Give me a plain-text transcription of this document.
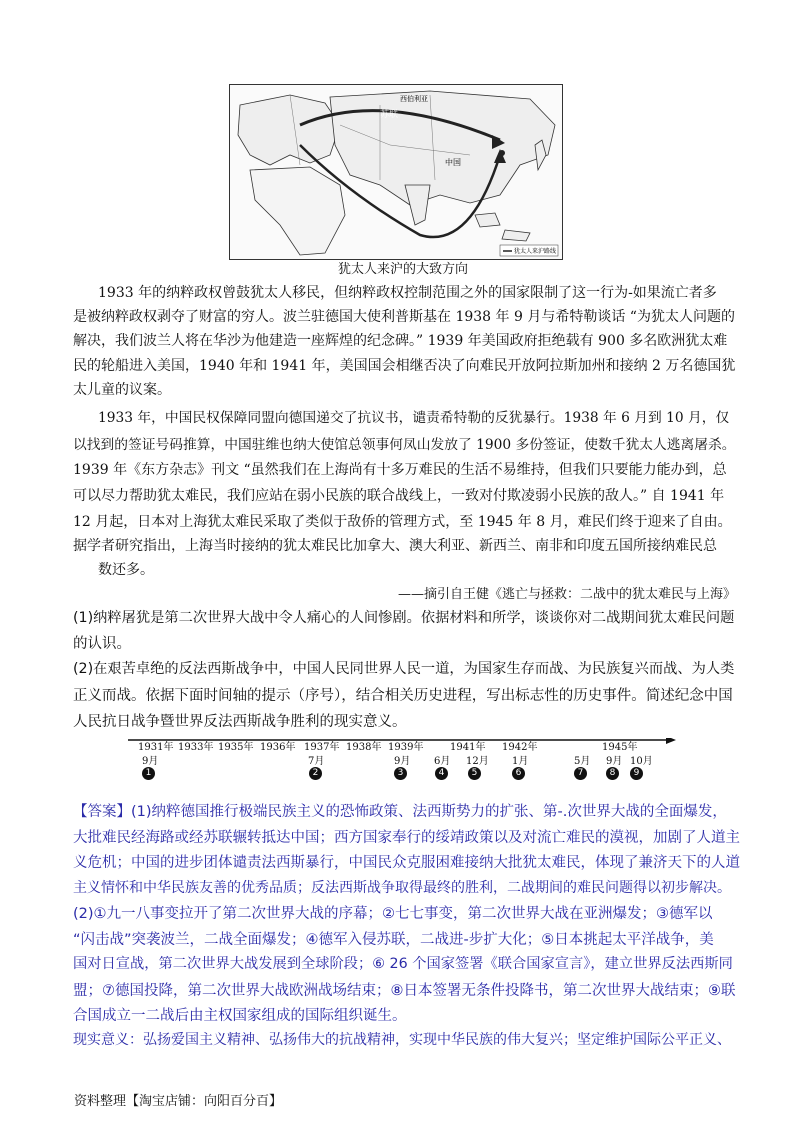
西伯利亚
苏联
中国
犹太人来沪路线
犹太人来沪的大致方向
1933 年的纳粹政权曾鼓犹太人移民，但纳粹政权控制范围之外的国家限制了这一行为-如果流亡者多
是被纳粹政权剥夺了财富的穷人。波兰驻德国大使利普斯基在 1938 年 9 月与希特勒谈话 “为犹太人问题的
解决，我们波兰人将在华沙为他建造一座辉煌的纪念碑。” 1939 年美国政府拒绝载有 900 多名欧洲犹太难
民的轮船进入美国，1940 年和 1941 年，美国国会相继否决了向难民开放阿拉斯加州和接纳 2 万名德国犹
太儿童的议案。
1933 年，中国民权保障同盟向德国递交了抗议书，谴责希特勒的反犹暴行。1938 年 6 月到 10 月，仅
以找到的签证号码推算，中国驻维也纳大使馆总领事何凤山发放了 1900 多份签证，使数千犹太人逃离屠杀。
1939 年《东方杂志》刊文 “虽然我们在上海尚有十多万难民的生活不易维持，但我们只要能力能办到，总
可以尽力帮助犹太难民，我们应站在弱小民族的联合战线上，一致对付欺凌弱小民族的敌人。” 自 1941 年
12 月起，日本对上海犹太难民采取了类似于敌侨的管理方式，至 1945 年 8 月，难民们终于迎来了自由。
据学者研究指出，上海当时接纳的犹太难民比加拿大、澳大利亚、新西兰、南非和印度五国所接纳难民总
数还多。
——摘引自王健《逃亡与拯救：二战中的犹太难民与上海》
(1)纳粹屠犹是第二次世界大战中令人痛心的人间惨剧。依据材料和所学，谈谈你对二战期间犹太难民问题
的认识。
(2)在艰苦卓绝的反法西斯战争中，中国人民同世界人民一道，为国家生存而战、为民族复兴而战、为人类
正义而战。依据下面时间轴的提示（序号），结合相关历史进程，写出标志性的历史事件。简述纪念中国
人民抗日战争暨世界反法西斯战争胜利的现实意义。
1931年 1933年 1935年 1936年 1937年 1938年 1939年	1941年 1942年	1945年
9月	7月	9月 6月 12月 1月	5月 9月 10月
1	2	3	4	5	6	7	8	9
【答案】(1)纳粹德国推行极端民族主义的恐怖政策、法西斯势力的扩张、第-.次世界大战的全面爆发，
大批难民经海路或经苏联辗转抵达中国；西方国家奉行的绥靖政策以及对流亡难民的漠视，加剧了人道主
义危机；中国的进步团体谴责法西斯暴行，中国民众克服困难接纳大批犹太难民，体现了兼济天下的人道
主义情怀和中华民族友善的优秀品质；反法西斯战争取得最终的胜利，二战期间的难民问题得以初步解决。
(2)①九一八事变拉开了第二次世界大战的序幕；②七七事变，第二次世界大战在亚洲爆发；③德军以
“闪击战”突袭波兰，二战全面爆发；④德军入侵苏联，二战进-步扩大化；⑤日本挑起太平洋战争，美
国对日宣战，第二次世界大战发展到全球阶段；⑥ 26 个国家签署《联合国家宣言》，建立世界反法西斯同
盟；⑦德国投降，第二次世界大战欧洲战场结束；⑧日本签署无条件投降书，第二次世界大战结束；⑨联
合国成立一二战后由主权国家组成的国际组织诞生。
现实意义：弘扬爱国主义精神、弘扬伟大的抗战精神，实现中华民族的伟大复兴；坚定维护国际公平正义、
资料整理【淘宝店铺：向阳百分百】
